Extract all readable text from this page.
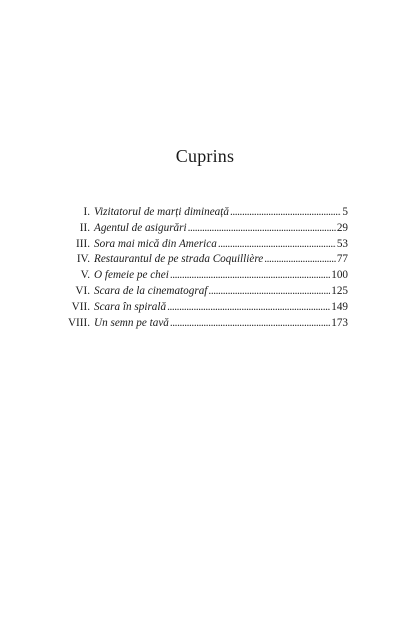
Cuprins
I. Vizitatorul de marți dimineață . . .	5
II. Agentul de asigurări . . .	29
III. Sora mai mică din America . . .	53
IV. Restaurantul de pe strada Coquillière . . .	77
V. O femeie pe chei . . .	100
VI. Scara de la cinematograf . . .	125
VII. Scara în spirală . . .	149
VIII. Un semn pe tavă . . .	173
